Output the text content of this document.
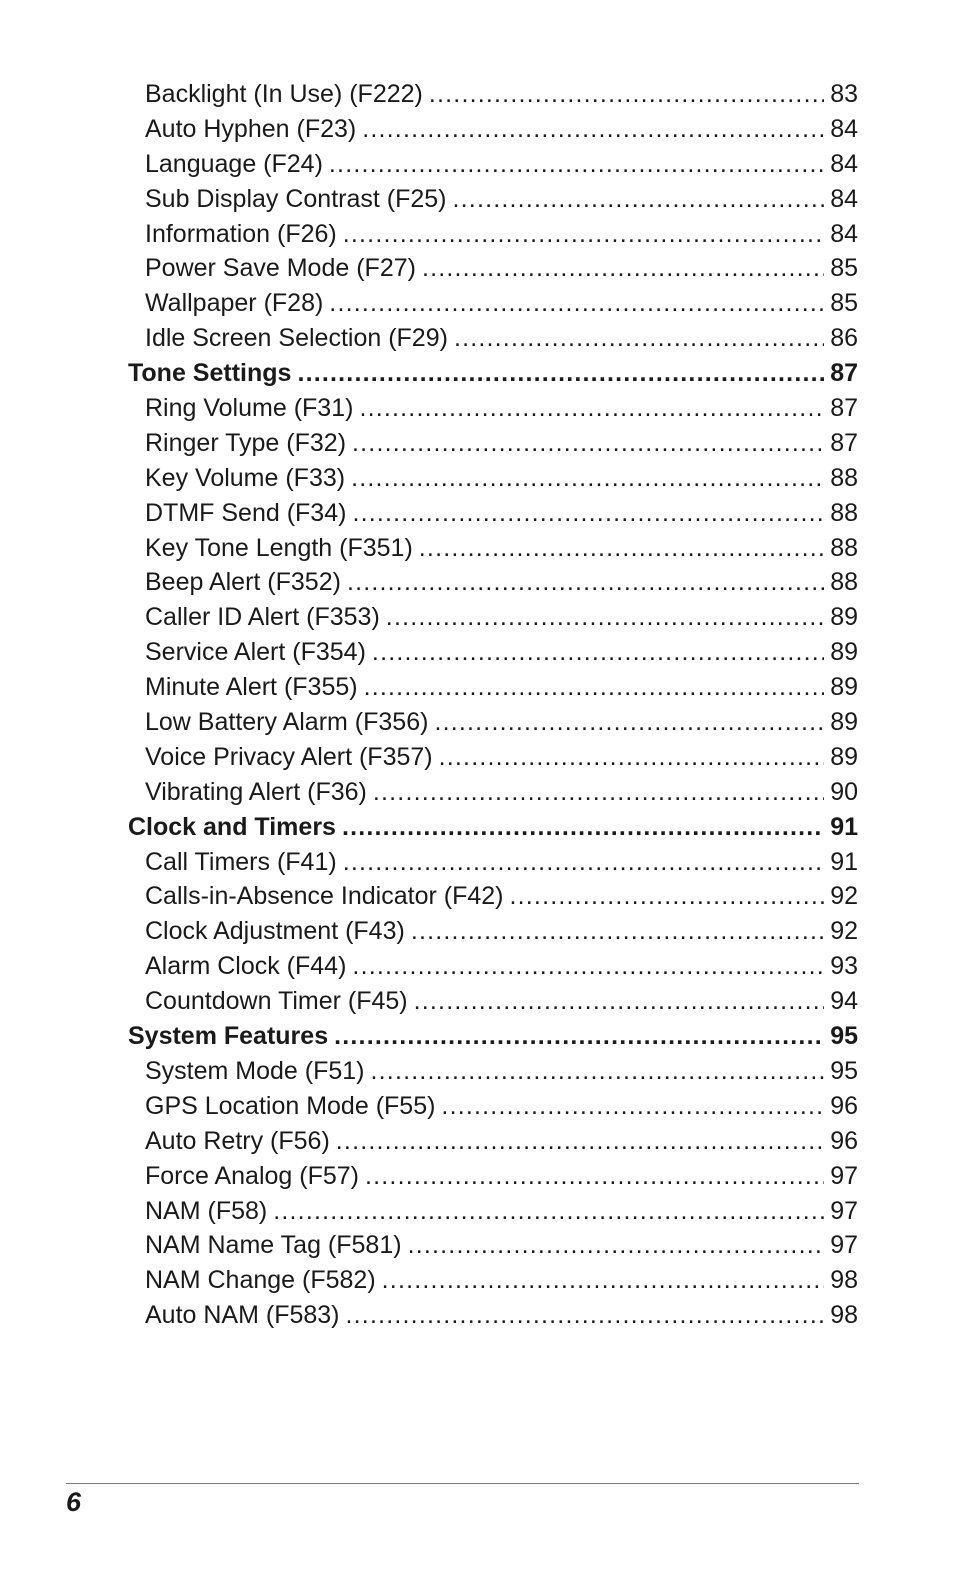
Backlight (In Use) (F222) .....	83
Auto Hyphen (F23) .....	84
Language (F24) .....	84
Sub Display Contrast (F25) .....	84
Information (F26) .....	84
Power Save Mode (F27) .....	85
Wallpaper (F28) .....	85
Idle Screen Selection (F29) .....	86
Tone Settings .....	87
Ring Volume (F31) .....	87
Ringer Type (F32) .....	87
Key Volume (F33) .....	88
DTMF Send (F34) .....	88
Key Tone Length (F351) .....	88
Beep Alert (F352) .....	88
Caller ID Alert (F353) .....	89
Service Alert (F354) .....	89
Minute Alert (F355) .....	89
Low Battery Alarm (F356) .....	89
Voice Privacy Alert (F357) .....	89
Vibrating Alert (F36) .....	90
Clock and Timers .....	91
Call Timers (F41) .....	91
Calls-in-Absence Indicator (F42) .....	92
Clock Adjustment (F43) .....	92
Alarm Clock (F44) .....	93
Countdown Timer (F45) .....	94
System Features .....	95
System Mode (F51) .....	95
GPS Location Mode (F55) .....	96
Auto Retry (F56) .....	96
Force Analog (F57) .....	97
NAM (F58) .....	97
NAM Name Tag (F581) .....	97
NAM Change (F582) .....	98
Auto NAM (F583) .....	98
6
